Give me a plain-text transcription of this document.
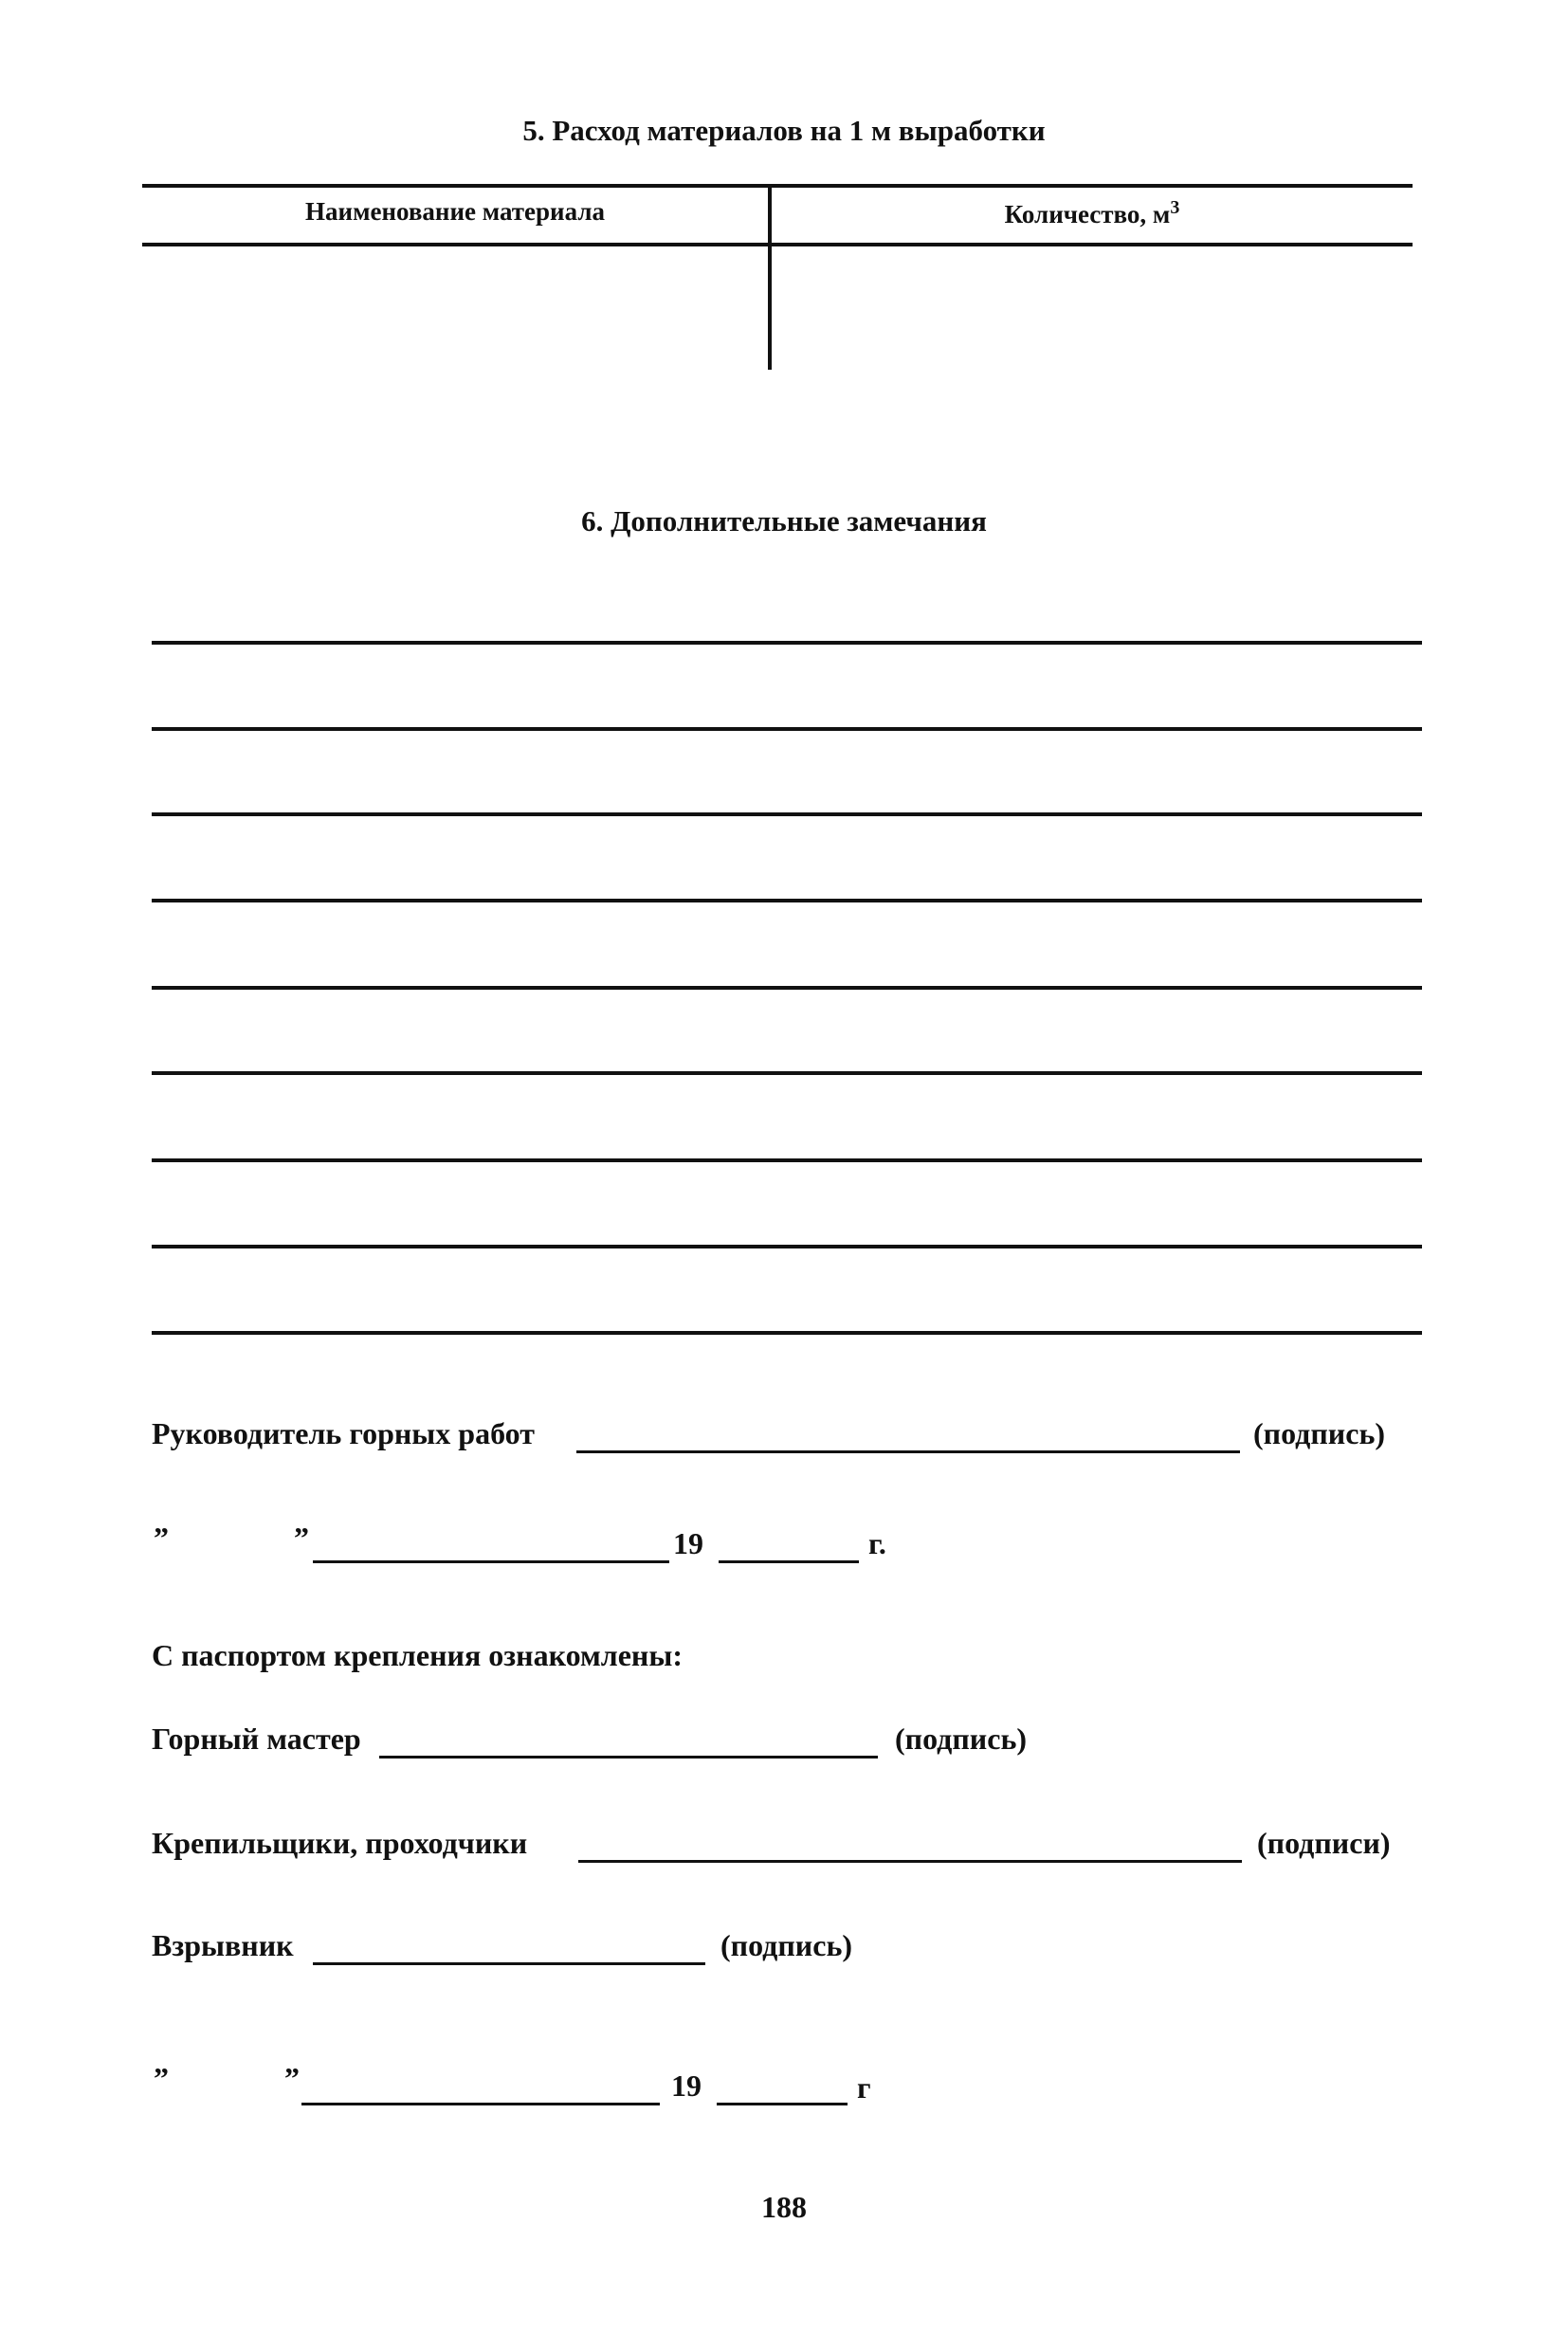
5. Расход материалов на 1 м выработки
Наименование материала	Количество, $м^3$
6. Дополнительные замечания
Руководитель горных работ	(подпись)
”	”	19	г.
С паспортом крепления ознакомлены:
Горный мастер	(подпись)
Крепильщики, проходчики	(подписи)
Взрывник	(подпись)
”	”	19	г
188
